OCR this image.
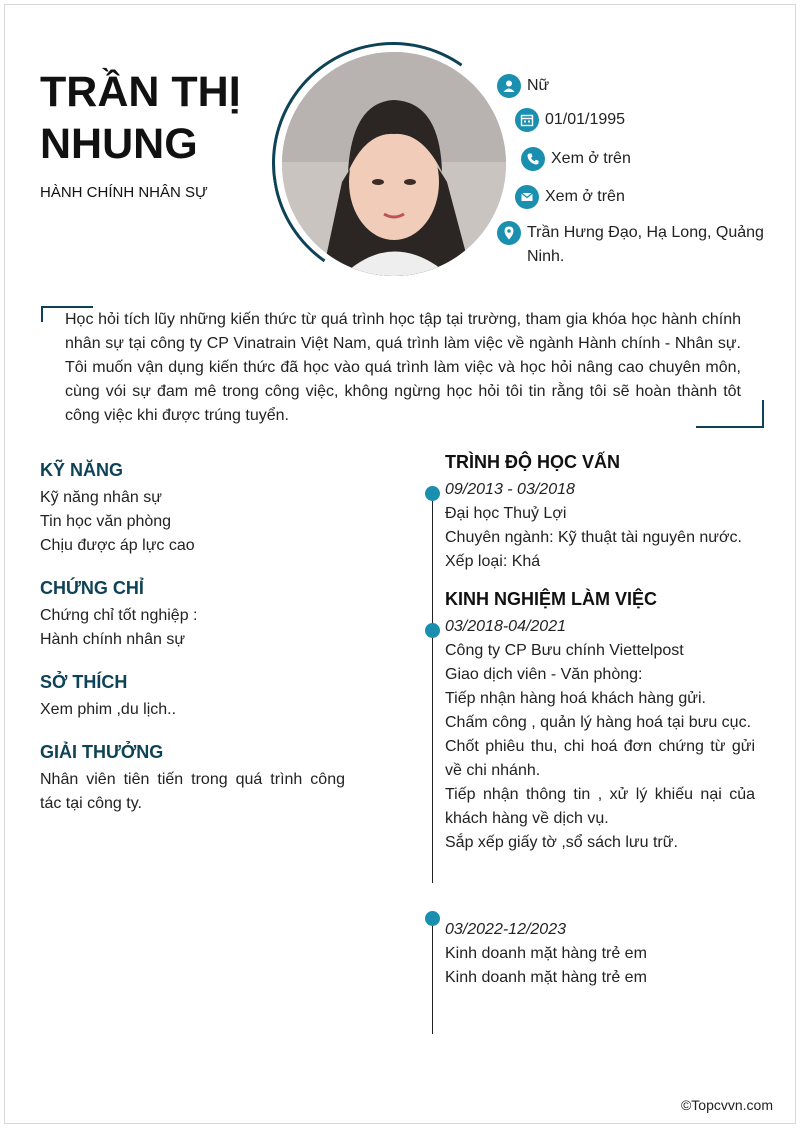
TRẦN THỊ
NHUNG
HÀNH CHÍNH NHÂN SỰ
Nữ
01/01/1995
Xem ở trên
Xem ở trên
Trần Hưng Đạo, Hạ Long, Quảng Ninh.
Học hỏi tích lũy những kiến thức từ quá trình học tập tại trường, tham gia khóa học hành chính nhân sự tại công ty CP Vinatrain Việt Nam, quá trình làm việc về ngành Hành chính - Nhân sự. Tôi muốn vận dụng kiến thức đã học vào quá trình làm việc và học hỏi nâng cao chuyên môn, cùng vói sự đam mê trong công việc, không ngừng học hỏi tôi tin rằng tôi sẽ hoàn thành tôt công việc khi được trúng tuyển.
KỸ NĂNG
Kỹ năng nhân sự
Tin học văn phòng
Chịu được áp lực cao
CHỨNG CHỈ
Chứng chỉ tốt nghiệp :
Hành chính nhân sự
SỞ THÍCH
Xem phim ,du lịch..
GIẢI THƯỞNG
Nhân viên tiên tiến trong quá trình công tác tại công ty.
TRÌNH ĐỘ HỌC VẤN
09/2013 - 03/2018
Đại học Thuỷ Lợi
Chuyên ngành: Kỹ thuật tài nguyên nước.
Xếp loại: Khá
KINH NGHIỆM LÀM VIỆC
03/2018-04/2021
Công ty CP Bưu chính Viettelpost
Giao dịch viên - Văn phòng:
Tiếp nhận hàng hoá khách hàng gửi.
Chấm công , quản lý hàng hoá tại bưu cục.
Chốt phiêu thu, chi hoá đơn chứng từ gửi về chi nhánh.
Tiếp nhận thông tin , xử lý khiếu nại của khách hàng về dịch vụ.
Sắp xếp giấy tờ ,sổ sách lưu trữ.
03/2022-12/2023
Kinh doanh mặt hàng trẻ em
Kinh doanh mặt hàng trẻ em
©Topcvvn.com
